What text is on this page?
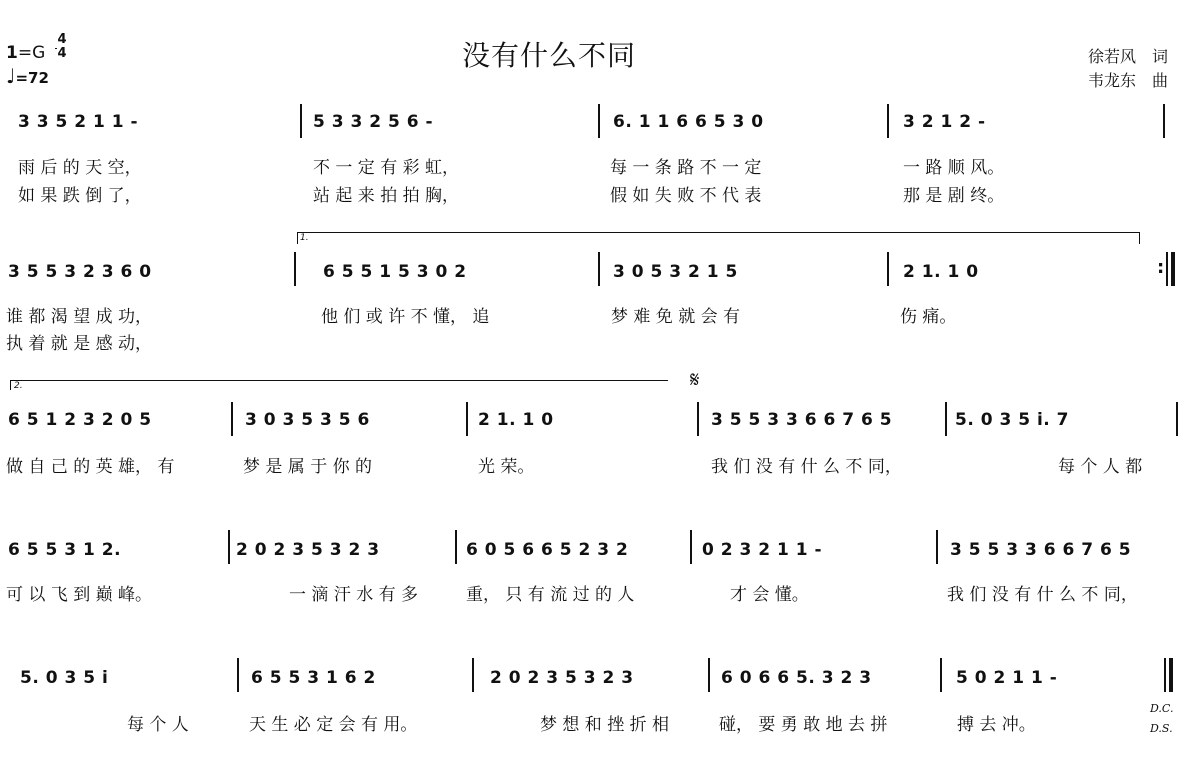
1=G
4
4
♩=72
没有什么不同	徐若风　词
韦龙东　曲
3 3 5 2 1 1 -	5 3 3 2 5 6 -	6. 1 1 6 6 5 3 0	3 2 1 2 -
雨 后 的 天 空，	不 一 定 有 彩 虹，	每 一 条 路 不 一 定	一 路 顺 风。
如 果 跌 倒 了，	站 起 来 拍 拍 胸，	假 如 失 败 不 代 表	那 是 剧 终。
1.
3 5 5 3 2 3 6 0	6 5 5 1 5 3 0 2	3 0 5 3 2 1 5	2 1. 1 0	:
谁 都 渴 望 成 功，	他 们 或 许 不 懂， 追	梦 难 免 就 会 有	伤 痛。
执 着 就 是 感 动，
2.	𝄋
6 5 1 2 3 2 0 5	3 0 3 5 3 5 6	2 1. 1 0	3 5 5 3 3 6 6 7 6 5	5. 0 3 5 i. 7
做 自 己 的 英 雄， 有	梦 是 属 于 你 的	光 荣。	我 们 没 有 什 么 不 同，	每 个 人 都
6 5 5 3 1 2.	2 0 2 3 5 3 2 3	6 0 5 6 6 5 2 3 2	0 2 3 2 1 1 -	3 5 5 3 3 6 6 7 6 5
可 以 飞 到 巅 峰。	一 滴 汗 水 有 多	重， 只 有 流 过 的 人	才 会 懂。	我 们 没 有 什 么 不 同，
5. 0 3 5 i	6 5 5 3 1 6 2	2 0 2 3 5 3 2 3	6 0 6 6 5. 3 2 3	5 0 2 1 1 -
每 个 人	天 生 必 定 会 有 用。	梦 想 和 挫 折 相	碰， 要 勇 敢 地 去 拼	搏 去 冲。
D.C.
D.S.
